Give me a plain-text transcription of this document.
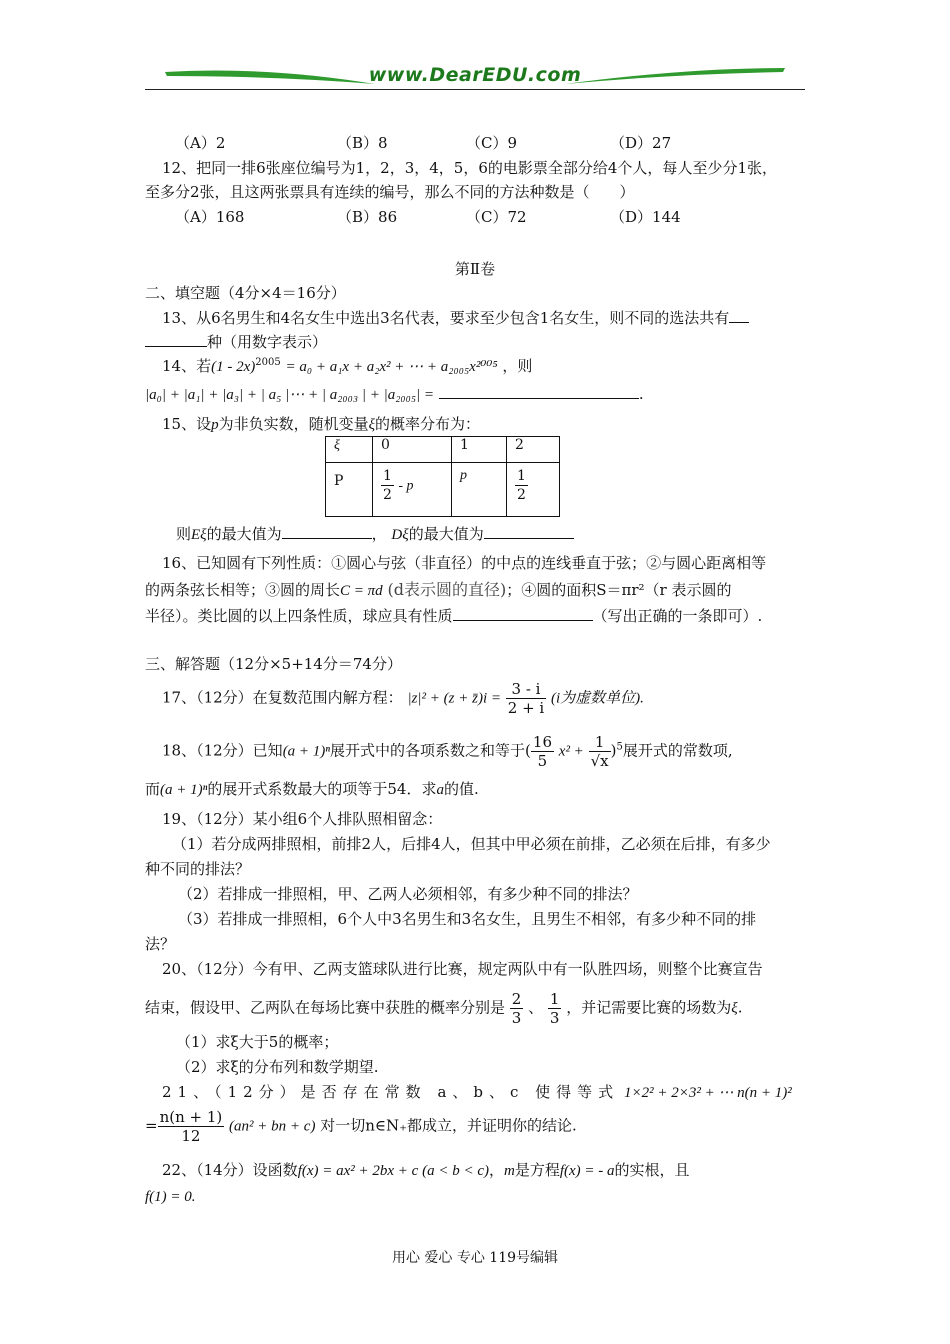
www.DearEDU.com
（A）2	（B）8	（C）9	（D）27
12、把同一排6张座位编号为1，2，3，4，5，6的电影票全部分给4个人，每人至少分1张，
至多分2张，且这两张票具有连续的编号，那么不同的方法种数是（　　）
（A）168	（B）86	（C）72	（D）144
第Ⅱ卷
二、填空题（4分×4＝16分）
13、从6名男生和4名女生中选出3名代表，要求至少包含1名女生，则不同的选法共有
种（用数字表示）
14、若(1 - 2x)$^{2005}$ = a₀ + a₁x + a₂x² + ⋯ + a₂₀₀₅x²⁰⁰⁵ ，则
|a₀| + |a₁| + |a₃| + | a₅ |⋯ + | a₂₀₀₃ | + |a₂₀₀₅| =	.
15、设p为非负实数，随机变量ξ的概率分布为：
ξ	0	1	2
P	$\frac{1}{2}$ - p	p	$\frac{1}{2}$
则Eξ的最大值为	， Dξ的最大值为
16、已知圆有下列性质：①圆心与弦（非直径）的中点的连线垂直于弦；②与圆心距离相等
的两条弦长相等；③圆的周长C = πd (d表示圆的直径)；④圆的面积S＝πr²（r 表示圆的
半径）。类比圆的以上四条性质，球应具有性质	（写出正确的一条即可）.
三、解答题（12分×5+14分＝74分）
17、（12分）在复数范围内解方程： |z|² + (z + z̄)i = $\frac{3 - i}{2 + i} (i$为虚数单位).
18、（12分）已知(a + 1)ⁿ展开式中的各项系数之和等于( $\frac{16}{5} x^2 + \frac{1}{√x} )^5$展开式的常数项,
而(a + 1)ⁿ的展开式系数最大的项等于54．求a的值.
19、（12分）某小组6个人排队照相留念：
（1）若分成两排照相，前排2人，后排4人，但其中甲必须在前排，乙必须在后排，有多少
种不同的排法？
（2）若排成一排照相，甲、乙两人必须相邻，有多少种不同的排法？
（3）若排成一排照相，6个人中3名男生和3名女生，且男生不相邻，有多少种不同的排
法？
20、（12分）今有甲、乙两支篮球队进行比赛，规定两队中有一队胜四场，则整个比赛宣告
结束，假设甲、乙两队在每场比赛中获胜的概率分别是 $\frac{2}{3}$ 、 $\frac{1}{3}$ ，并记需要比赛的场数为ξ.
（1）求ξ大于5的概率；
（2）求ξ的分布列和数学期望.
21、（12分）是否存在常数 a、b、c 使得等式 1×2² + 2×3² + ⋯ n(n + 1)²
= $\frac{n(n + 1)}{12} (an^2$ + bn + c) 对一切n∈N₊都成立，并证明你的结论.
22、（14分）设函数f(x) = ax² + 2bx + c (a < b < c)，m是方程f(x) = - a的实根，且
f(1) = 0.
用心 爱心 专心 119号编辑
